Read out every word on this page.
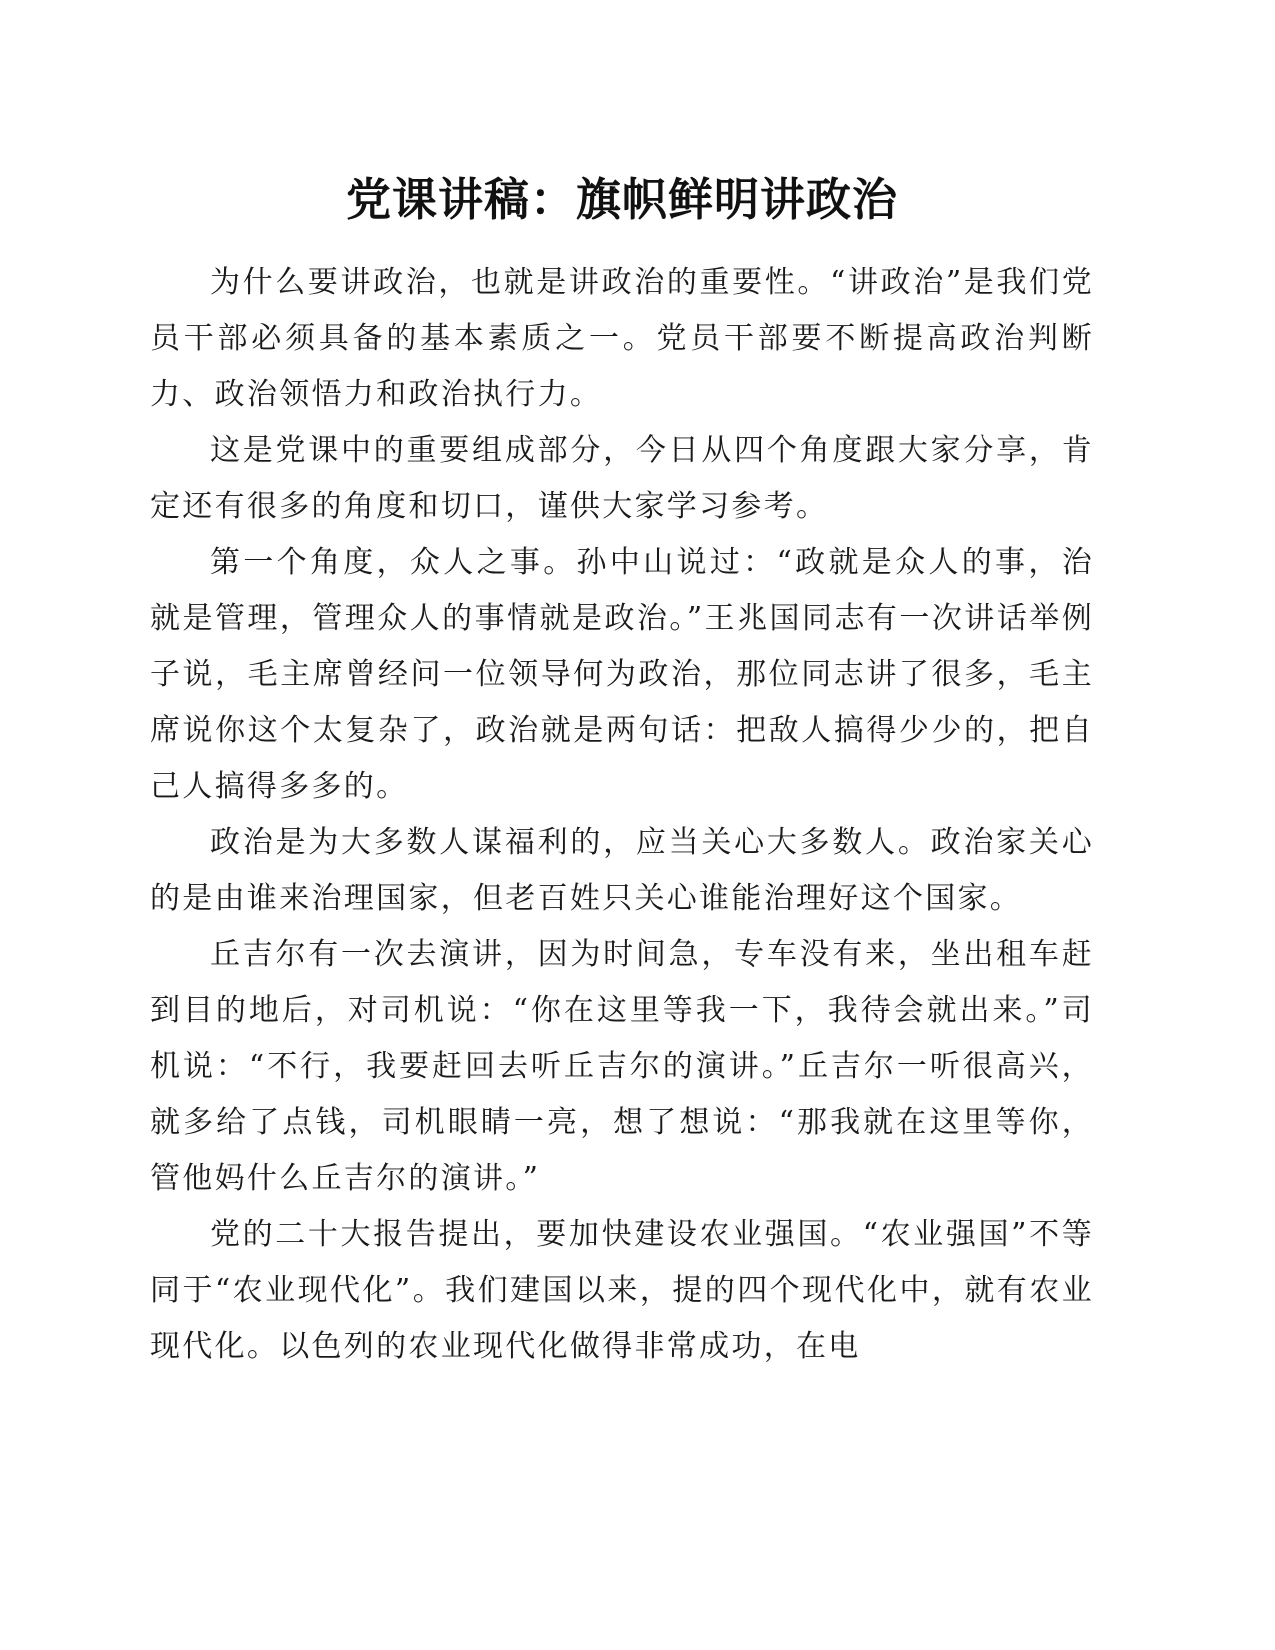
党课讲稿：旗帜鲜明讲政治

为什么要讲政治，也就是讲政治的重要性。“讲政治”是我们党员干部必须具备的基本素质之一。党员干部要不断提高政治判断力、政治领悟力和政治执行力。

这是党课中的重要组成部分，今日从四个角度跟大家分享，肯定还有很多的角度和切口，谨供大家学习参考。

第一个角度，众人之事。孙中山说过：“政就是众人的事，治就是管理，管理众人的事情就是政治。”王兆国同志有一次讲话举例子说，毛主席曾经问一位领导何为政治，那位同志讲了很多，毛主席说你这个太复杂了，政治就是两句话：把敌人搞得少少的，把自己人搞得多多的。

政治是为大多数人谋福利的，应当关心大多数人。政治家关心的是由谁来治理国家，但老百姓只关心谁能治理好这个国家。

丘吉尔有一次去演讲，因为时间急，专车没有来，坐出租车赶到目的地后，对司机说：“你在这里等我一下，我待会就出来。”司机说：“不行，我要赶回去听丘吉尔的演讲。”丘吉尔一听很高兴，就多给了点钱，司机眼睛一亮，想了想说：“那我就在这里等你，管他妈什么丘吉尔的演讲。”

党的二十大报告提出，要加快建设农业强国。“农业强国”不等同于“农业现代化”。我们建国以来，提的四个现代化中，就有农业现代化。以色列的农业现代化做得非常成功，在电
